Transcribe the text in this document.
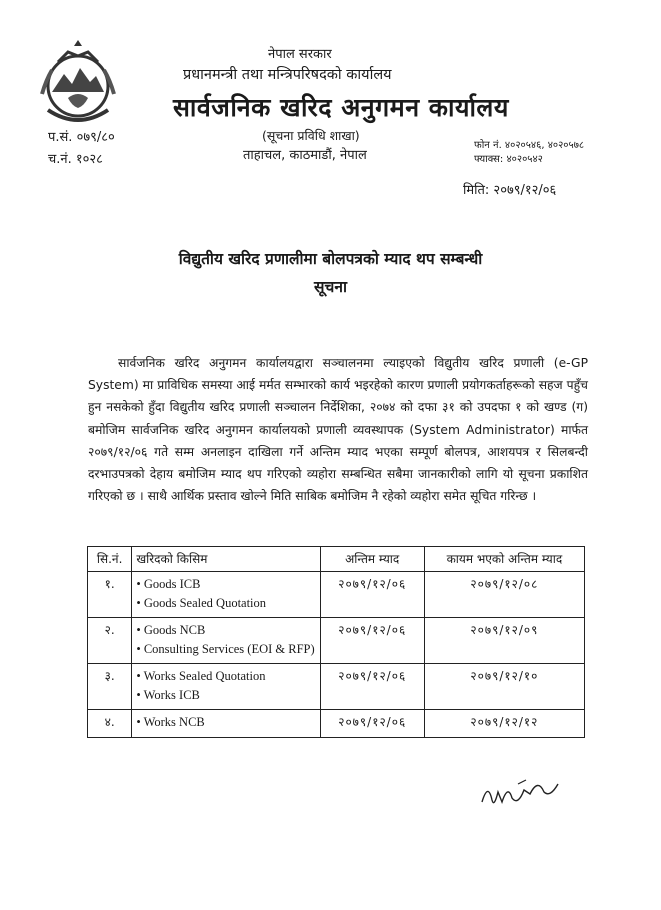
नेपाल सरकार
प्रधानमन्त्री तथा मन्त्रिपरिषदको कार्यालय
सार्वजनिक खरिद अनुगमन कार्यालय
(सूचना प्रविधि शाखा)
ताहाचल, काठमाडौं, नेपाल
प.सं. ०७९/८०
च.नं. १०२८
फोन नं. ४०२०५४६, ४०२०५७८
फ्याक्स: ४०२०५४२
मिति: २०७९/१२/०६
विद्युतीय खरिद प्रणालीमा बोलपत्रको म्याद थप सम्बन्धी
सूचना
सार्वजनिक खरिद अनुगमन कार्यालयद्वारा सञ्चालनमा ल्याइएको विद्युतीय खरिद प्रणाली (e-GP System) मा प्राविधिक समस्या आई मर्मत सम्भारको कार्य भइरहेको कारण प्रणाली प्रयोगकर्ताहरूको सहज पहुँच हुन नसकेको हुँदा विद्युतीय खरिद प्रणाली सञ्चालन निर्देशिका, २०७४ को दफा ३१ को उपदफा १ को खण्ड (ग) बमोजिम सार्वजनिक खरिद अनुगमन कार्यालयको प्रणाली व्यवस्थापक (System Administrator) मार्फत २०७९/१२/०६ गते सम्म अनलाइन दाखिला गर्ने अन्तिम म्याद भएका सम्पूर्ण बोलपत्र, आशयपत्र र सिलबन्दी दरभाउपत्रको देहाय बमोजिम म्याद थप गरिएको व्यहोरा सम्बन्धित सबैमा जानकारीको लागि यो सूचना प्रकाशित गरिएको छ । साथै आर्थिक प्रस्ताव खोल्ने मिति साबिक बमोजिम नै रहेको व्यहोरा समेत सूचित गरिन्छ ।
सि.नं.	खरिदको किसिम	अन्तिम म्याद	कायम भएको अन्तिम म्याद
१.	• Goods ICB
• Goods Sealed Quotation	२०७९/१२/०६	२०७९/१२/०८
२.	• Goods NCB
• Consulting Services (EOI & RFP)	२०७९/१२/०६	२०७९/१२/०९
३.	• Works Sealed Quotation
• Works ICB	२०७९/१२/०६	२०७९/१२/१०
४.	• Works NCB	२०७९/१२/०६	२०७९/१२/१२
